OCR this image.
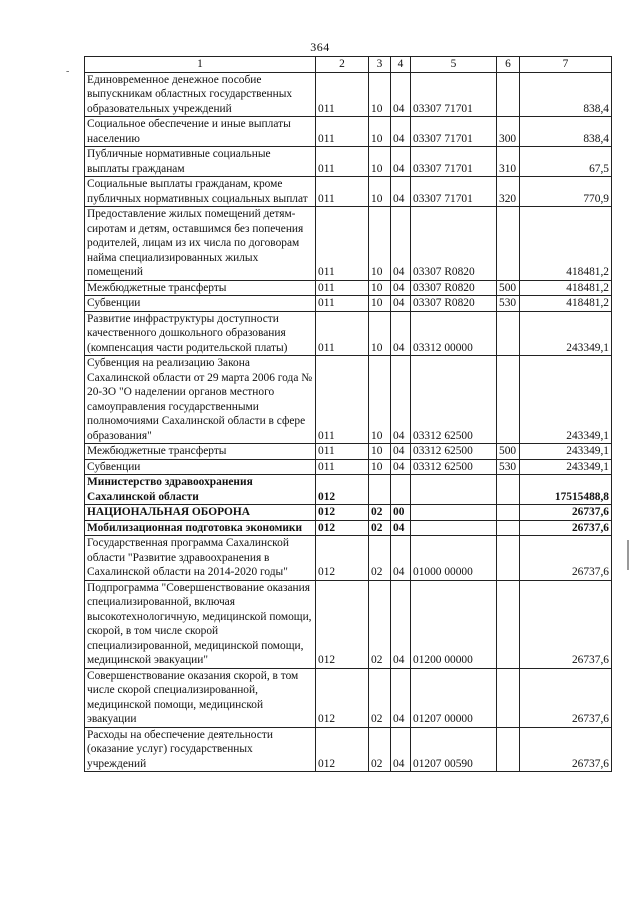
364
-
1	2	3	4	5	6	7
Единовременное денежное пособие выпускникам областных государственных образовательных учреждений	011	10	04	03307 71701		838,4
Социальное обеспечение и иные выплаты населению	011	10	04	03307 71701	300	838,4
Публичные нормативные социальные выплаты гражданам	011	10	04	03307 71701	310	67,5
Социальные выплаты гражданам, кроме публичных нормативных социальных выплат	011	10	04	03307 71701	320	770,9
Предоставление жилых помещений детям-сиротам и детям, оставшимся без попечения родителей, лицам из их числа по договорам найма специализированных жилых помещений	011	10	04	03307 R0820		418481,2
Межбюджетные трансферты	011	10	04	03307 R0820	500	418481,2
Субвенции	011	10	04	03307 R0820	530	418481,2
Развитие инфраструктуры доступности качественного дошкольного образования (компенсация части родительской платы)	011	10	04	03312 00000		243349,1
Субвенция на реализацию Закона Сахалинской области от 29 марта 2006 года № 20-ЗО "О наделении органов местного самоуправления государственными полномочиями Сахалинской области в сфере образования"	011	10	04	03312 62500		243349,1
Межбюджетные трансферты	011	10	04	03312 62500	500	243349,1
Субвенции	011	10	04	03312 62500	530	243349,1
Министерство здравоохранения Сахалинской области	012					17515488,8
НАЦИОНАЛЬНАЯ ОБОРОНА	012	02	00			26737,6
Мобилизационная подготовка экономики	012	02	04			26737,6
Государственная программа Сахалинской области "Развитие здравоохранения в Сахалинской области на 2014-2020 годы"	012	02	04	01000 00000		26737,6
Подпрограмма "Совершенствование оказания специализированной, включая высокотехнологичную, медицинской помощи, скорой, в том числе скорой специализированной, медицинской помощи, медицинской эвакуации"	012	02	04	01200 00000		26737,6
Совершенствование оказания скорой, в том числе скорой специализированной, медицинской помощи, медицинской эвакуации	012	02	04	01207 00000		26737,6
Расходы на обеспечение деятельности (оказание услуг) государственных учреждений	012	02	04	01207 00590		26737,6
